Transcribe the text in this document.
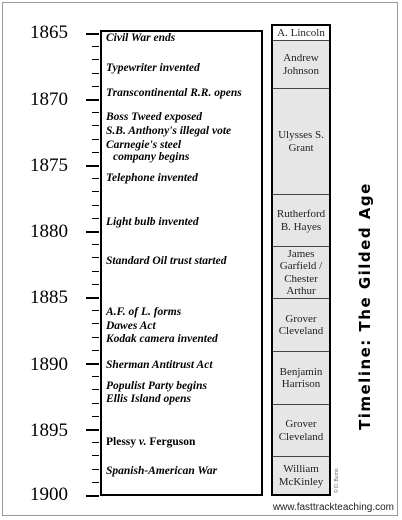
1865
1870
1875
1880
1885
1890
1895
1900
Civil War ends
Typewriter invented
Transcontinental R.R. opens
Boss Tweed exposed
S.B. Anthony's illegal vote
Carnegie's steel
company begins
Telephone invented
Light bulb invented
Standard Oil trust started
A.F. of L. forms
Dawes Act
Kodak camera invented
Sherman Antitrust Act
Populist Party begins
Ellis Island opens
Plessy v. Ferguson
Spanish-American War
A. Lincoln
Andrew
Johnson
Ulysses S.
Grant
Rutherford
B. Hayes
James
Garfield /
Chester
Arthur
Grover
Cleveland
Benjamin
Harrison
Grover
Cleveland
William
McKinley
Timeline: The Gilded Age
© D. Burns
www.fasttrackteaching.com
